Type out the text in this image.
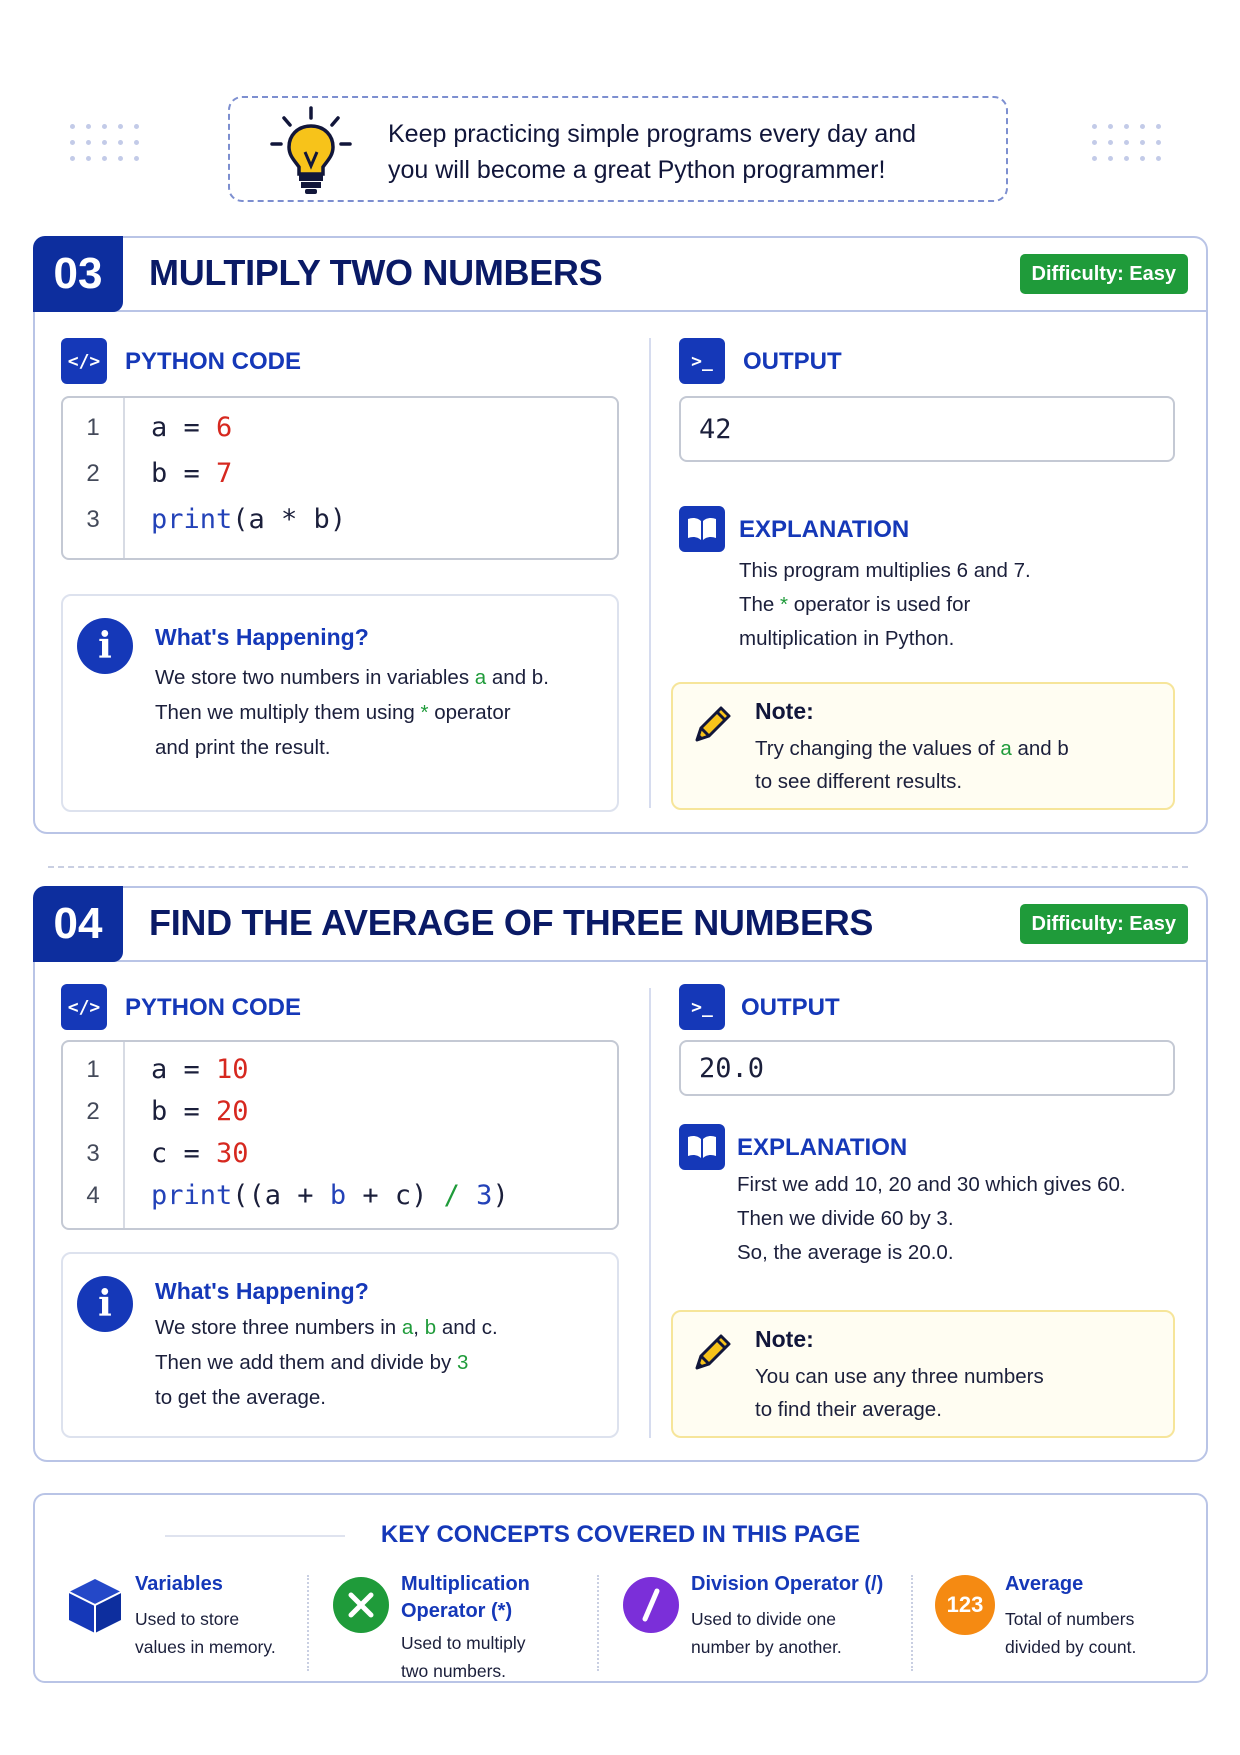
Keep practicing simple programs every day and
you will become a great Python programmer!
03	MULTIPLY TWO NUMBERS	Difficulty: Easy
</> PYTHON CODE
1
2
3
a = 6
b = 7
print(a * b)
i	What's Happening?
We store two numbers in variables a and b.
Then we multiply them using * operator
and print the result.
>_	OUTPUT
42
EXPLANATION
This program multiplies 6 and 7.
The * operator is used for
multiplication in Python.
Note:
Try changing the values of a and b
to see different results.
04	FIND THE AVERAGE OF THREE NUMBERS	Difficulty: Easy
</> PYTHON CODE
1
2
3
4
a = 10
b = 20
c = 30
print((a + b + c) / 3)
i	What's Happening?
We store three numbers in a, b and c.
Then we add them and divide by 3
to get the average.
>_	OUTPUT
20.0
EXPLANATION
First we add 10, 20 and 30 which gives 60.
Then we divide 60 by 3.
So, the average is 20.0.
Note:
You can use any three numbers
to find their average.
KEY CONCEPTS COVERED IN THIS PAGE
Variables
Used to store
values in memory.
Multiplication
Operator (*)
Used to multiply
two numbers.
Division Operator (/)
Used to divide one
number by another.
123
Average
Total of numbers
divided by count.
